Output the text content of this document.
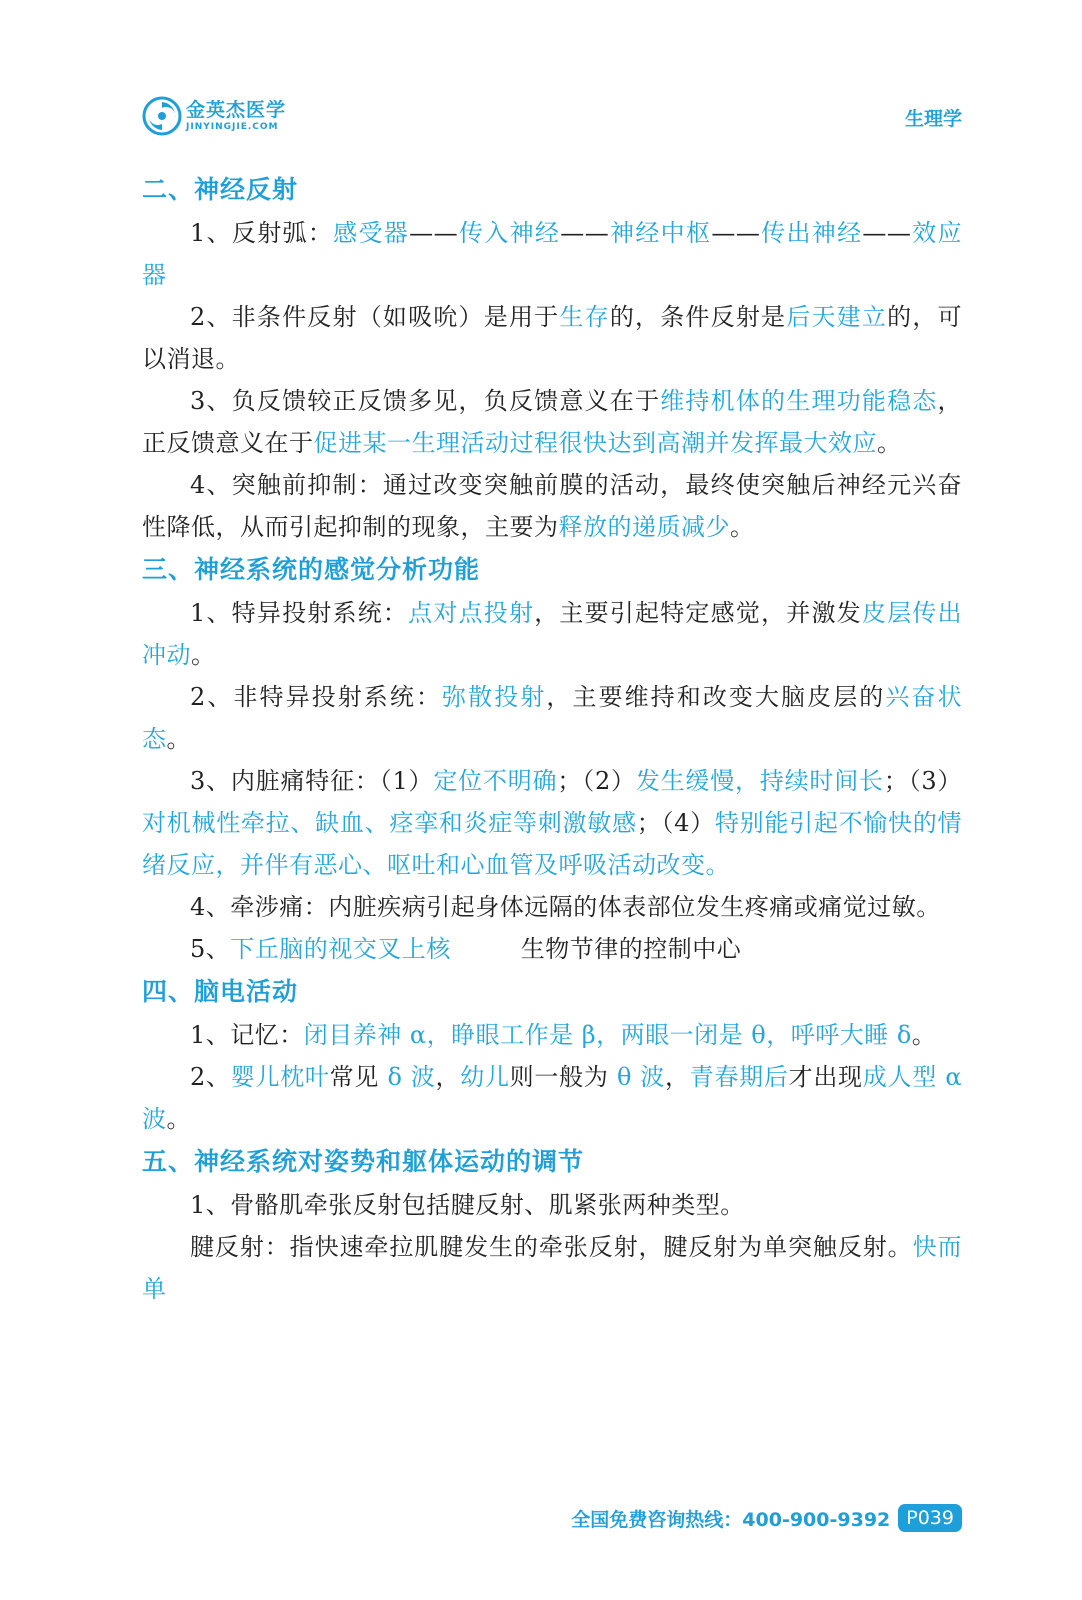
金英杰医学
JINYINGJIE.COM	生理学
二、神经反射

1、反射弧：感受器——传入神经——神经中枢——传出神经——效应器

2、非条件反射（如吸吮）是用于生存的，条件反射是后天建立的，可以消退。

3、负反馈较正反馈多见，负反馈意义在于维持机体的生理功能稳态，正反馈意义在于促进某一生理活动过程很快达到高潮并发挥最大效应。

4、突触前抑制：通过改变突触前膜的活动，最终使突触后神经元兴奋性降低，从而引起抑制的现象，主要为释放的递质减少。

三、神经系统的感觉分析功能

1、特异投射系统：点对点投射，主要引起特定感觉，并激发皮层传出冲动。

2、非特异投射系统：弥散投射，主要维持和改变大脑皮层的兴奋状态。

3、内脏痛特征：（1）定位不明确；（2）发生缓慢，持续时间长；（3）对机械性牵拉、缺血、痉挛和炎症等刺激敏感；（4）特别能引起不愉快的情绪反应，并伴有恶心、呕吐和心血管及呼吸活动改变。

4、牵涉痛：内脏疾病引起身体远隔的体表部位发生疼痛或痛觉过敏。

5、下丘脑的视交叉上核	生物节律的控制中心

四、脑电活动

1、记忆：闭目养神 α，睁眼工作是 β，两眼一闭是 θ，呼呼大睡 δ。

2、婴儿枕叶常见 δ 波，幼儿则一般为 θ 波，青春期后才出现成人型 α 波。

五、神经系统对姿势和躯体运动的调节

1、骨骼肌牵张反射包括腱反射、肌紧张两种类型。

腱反射：指快速牵拉肌腱发生的牵张反射，腱反射为单突触反射。快而单

全国免费咨询热线：400-900-9392 P039
